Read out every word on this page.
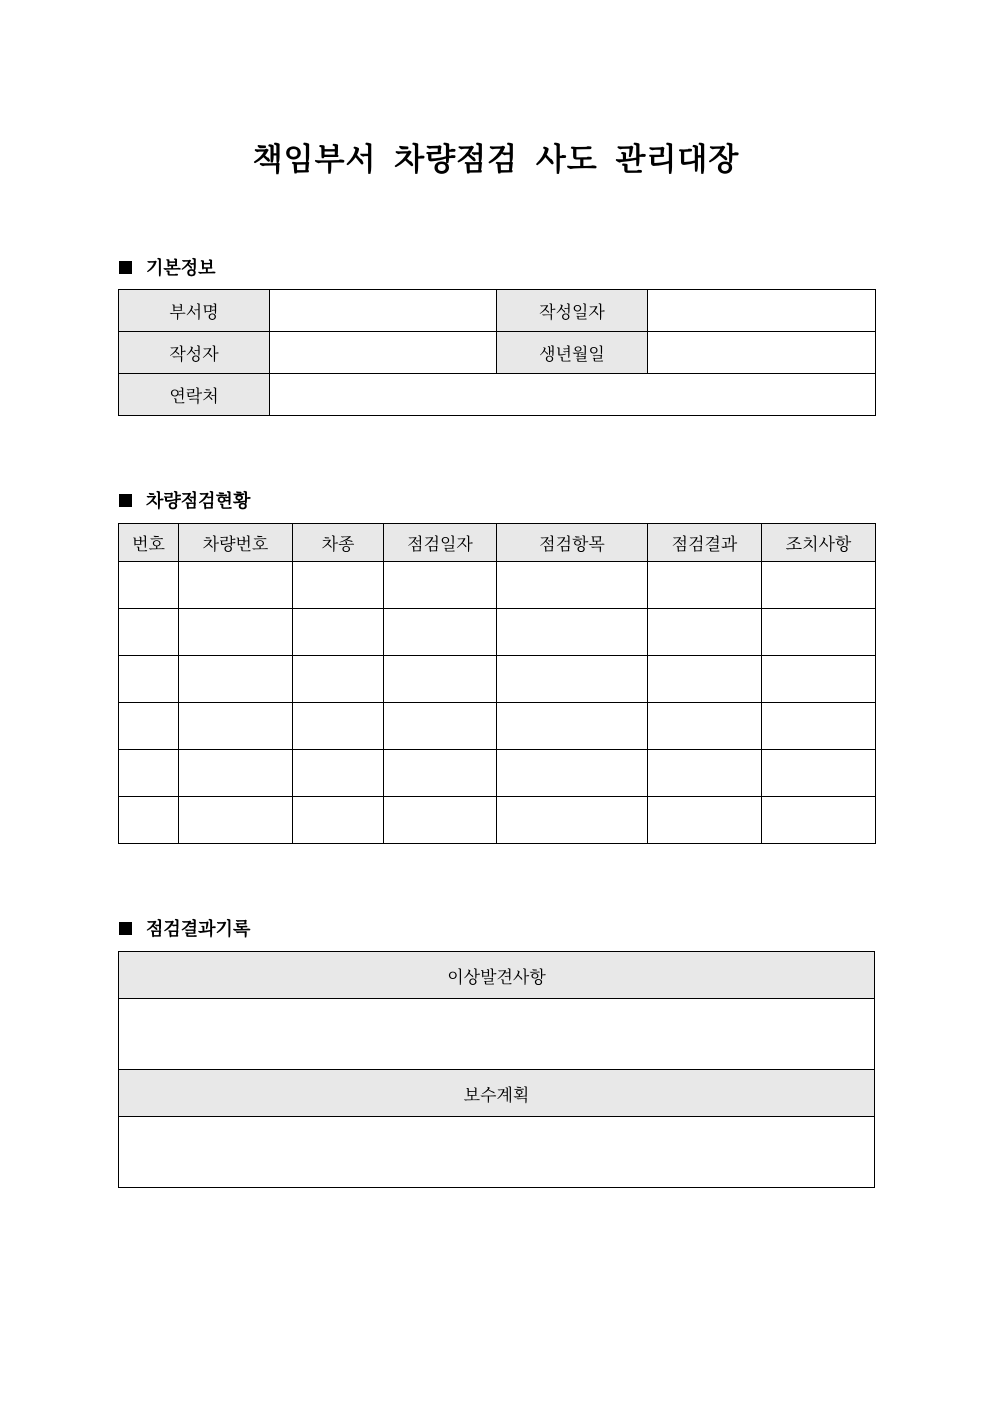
책임부서 차량점검 사도 관리대장
기본정보
부서명		작성일자	
작성자		생년월일	
연락처			
차량점검현황
번호	차량번호	차종	점검일자	점검항목	점검결과	조치사항

점검결과기록
이상발견사항

보수계획
